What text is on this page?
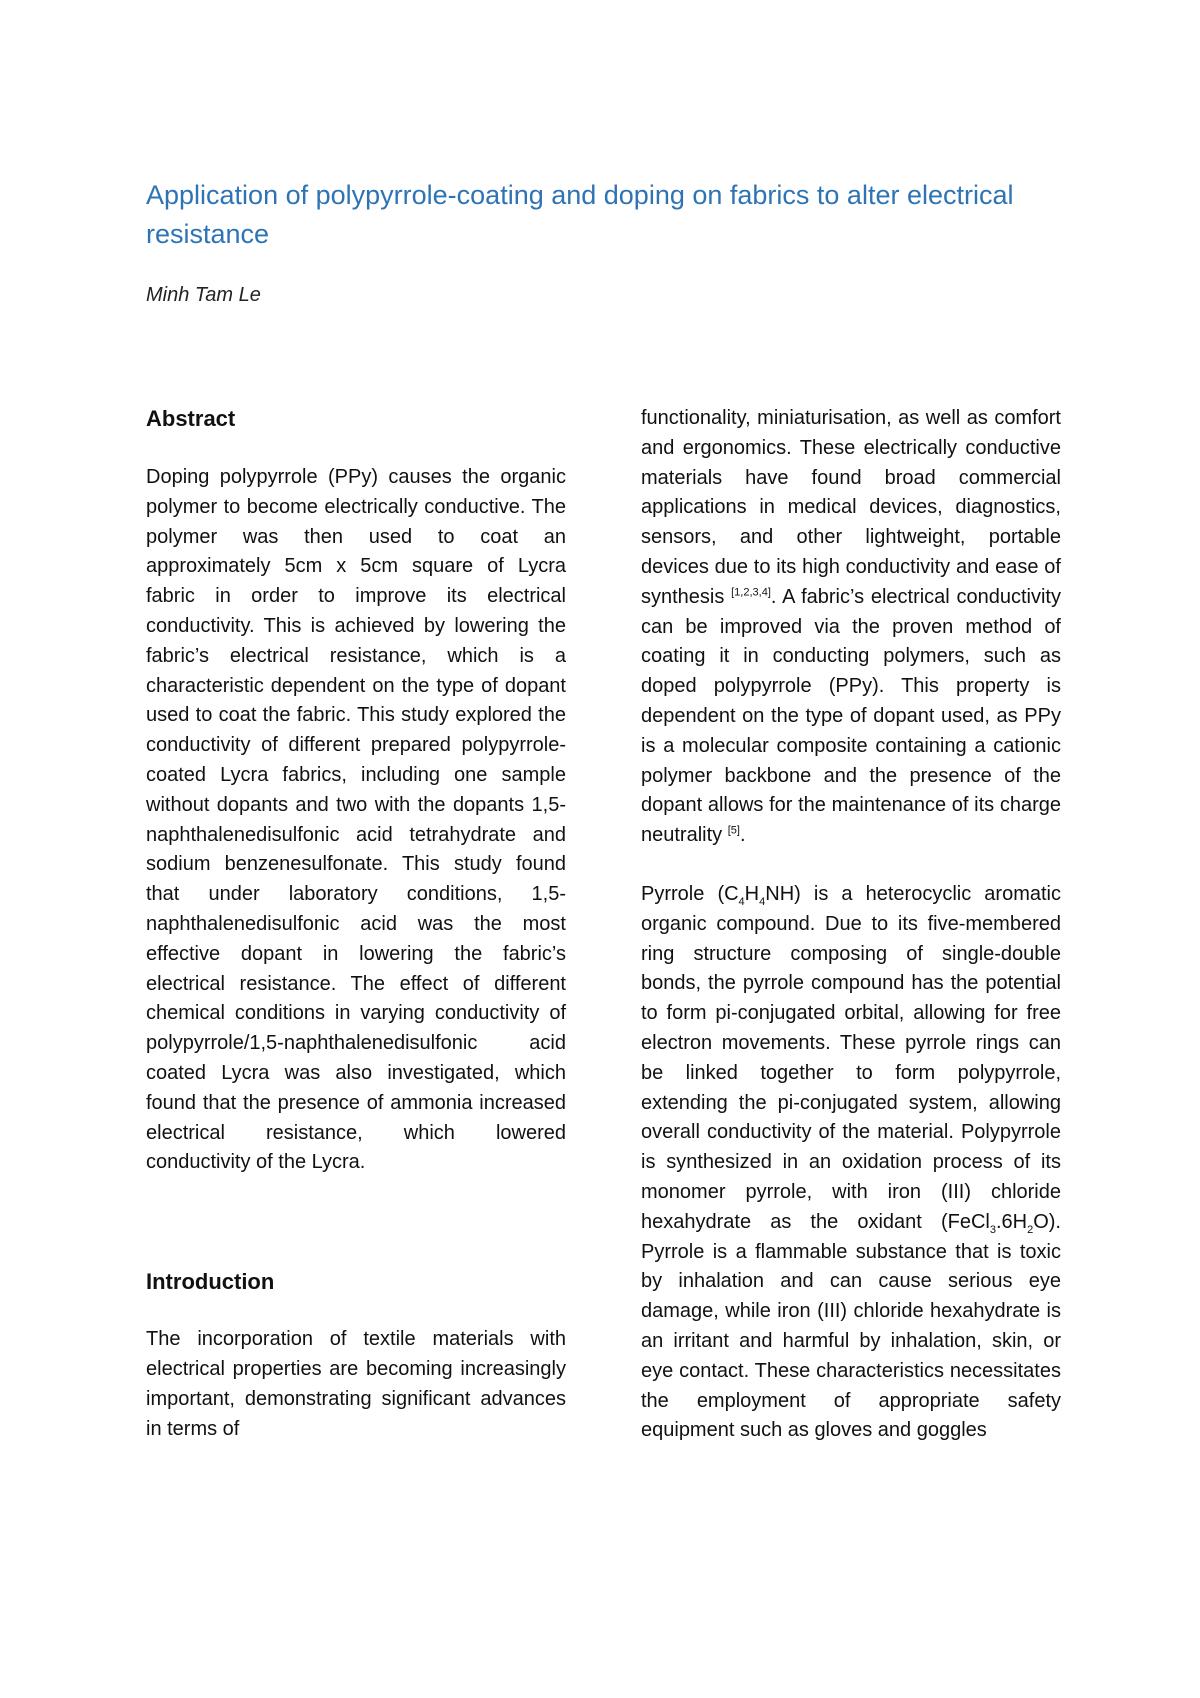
Application of polypyrrole-coating and doping on fabrics to alter electrical resistance

Minh Tam Le

Abstract

Doping polypyrrole (PPy) causes the organic polymer to become electrically conductive. The polymer was then used to coat an approximately 5cm x 5cm square of Lycra fabric in order to improve its electrical conductivity. This is achieved by lowering the fabric’s electrical resistance, which is a characteristic dependent on the type of dopant used to coat the fabric. This study explored the conductivity of different prepared polypyrrole-coated Lycra fabrics, including one sample without dopants and two with the dopants 1,5-naphthalenedisulfonic acid tetrahydrate and sodium benzenesulfonate. This study found that under laboratory conditions, 1,5-naphthalenedisulfonic acid was the most effective dopant in lowering the fabric’s electrical resistance. The effect of different chemical conditions in varying conductivity of polypyrrole/1,5-naphthalenedisulfonic acid coated Lycra was also investigated, which found that the presence of ammonia increased electrical resistance, which lowered conductivity of the Lycra.

Introduction

The incorporation of textile materials with electrical properties are becoming increasingly important, demonstrating significant advances in terms of

functionality, miniaturisation, as well as comfort and ergonomics. These electrically conductive materials have found broad commercial applications in medical devices, diagnostics, sensors, and other lightweight, portable devices due to its high conductivity and ease of synthesis [1,2,3,4]. A fabric’s electrical conductivity can be improved via the proven method of coating it in conducting polymers, such as doped polypyrrole (PPy). This property is dependent on the type of dopant used, as PPy is a molecular composite containing a cationic polymer backbone and the presence of the dopant allows for the maintenance of its charge neutrality [5].

Pyrrole $(C_4H_4NH)$ is a heterocyclic aromatic organic compound. Due to its five-membered ring structure composing of single-double bonds, the pyrrole compound has the potential to form pi-conjugated orbital, allowing for free electron movements. These pyrrole rings can be linked together to form polypyrrole, extending the pi-conjugated system, allowing overall conductivity of the material. Polypyrrole is synthesized in an oxidation process of its monomer pyrrole, with iron (III) chloride hexahydrate as the oxidant $(FeCl_3.6H_2O)$. Pyrrole is a flammable substance that is toxic by inhalation and can cause serious eye damage, while iron (III) chloride hexahydrate is an irritant and harmful by inhalation, skin, or eye contact. These characteristics necessitates the employment of appropriate safety equipment such as gloves and goggles
